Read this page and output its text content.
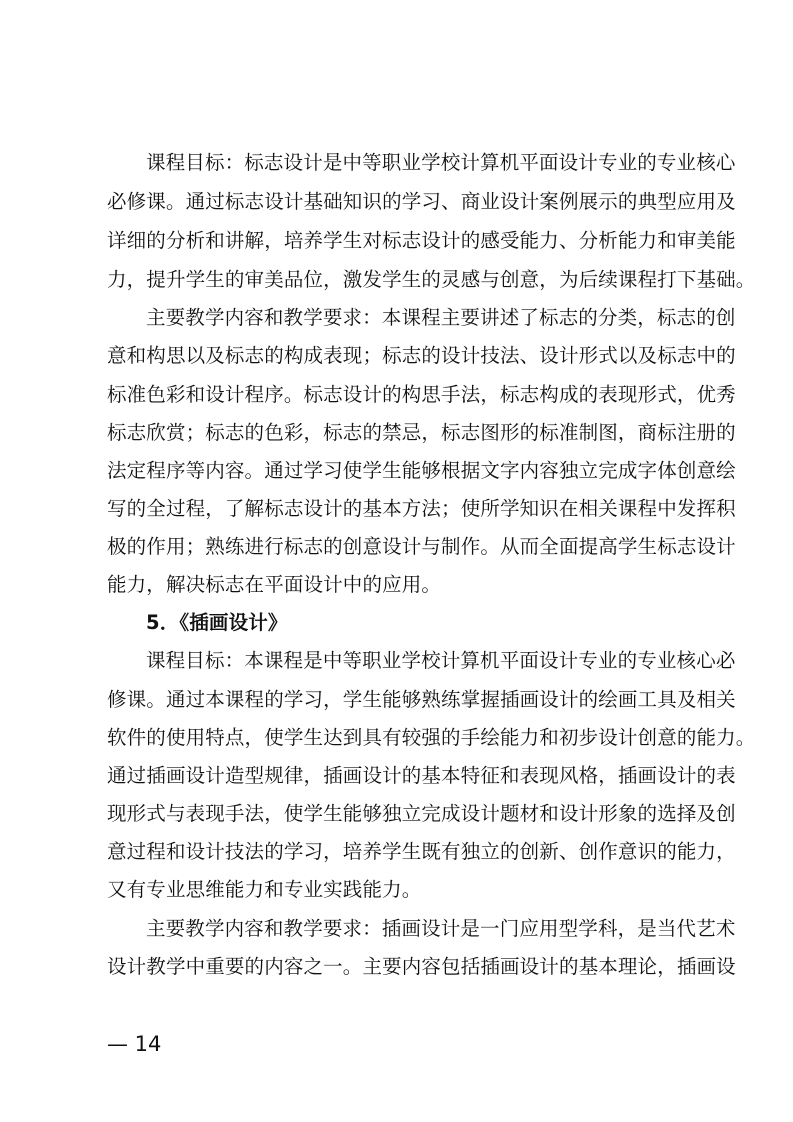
课程目标：标志设计是中等职业学校计算机平面设计专业的专业核心
必修课。通过标志设计基础知识的学习、商业设计案例展示的典型应用及
详细的分析和讲解，培养学生对标志设计的感受能力、分析能力和审美能
力，提升学生的审美品位，激发学生的灵感与创意，为后续课程打下基础。
主要教学内容和教学要求：本课程主要讲述了标志的分类，标志的创
意和构思以及标志的构成表现；标志的设计技法、设计形式以及标志中的
标准色彩和设计程序。标志设计的构思手法，标志构成的表现形式，优秀
标志欣赏；标志的色彩，标志的禁忌，标志图形的标准制图，商标注册的
法定程序等内容。通过学习使学生能够根据文字内容独立完成字体创意绘
写的全过程，了解标志设计的基本方法；使所学知识在相关课程中发挥积
极的作用；熟练进行标志的创意设计与制作。从而全面提高学生标志设计
能力，解决标志在平面设计中的应用。
5．《插画设计》
课程目标：本课程是中等职业学校计算机平面设计专业的专业核心必
修课。通过本课程的学习，学生能够熟练掌握插画设计的绘画工具及相关
软件的使用特点，使学生达到具有较强的手绘能力和初步设计创意的能力。
通过插画设计造型规律，插画设计的基本特征和表现风格，插画设计的表
现形式与表现手法，使学生能够独立完成设计题材和设计形象的选择及创
意过程和设计技法的学习，培养学生既有独立的创新、创作意识的能力，
又有专业思维能力和专业实践能力。
主要教学内容和教学要求：插画设计是一门应用型学科，是当代艺术
设计教学中重要的内容之一。主要内容包括插画设计的基本理论，插画设
— 14
